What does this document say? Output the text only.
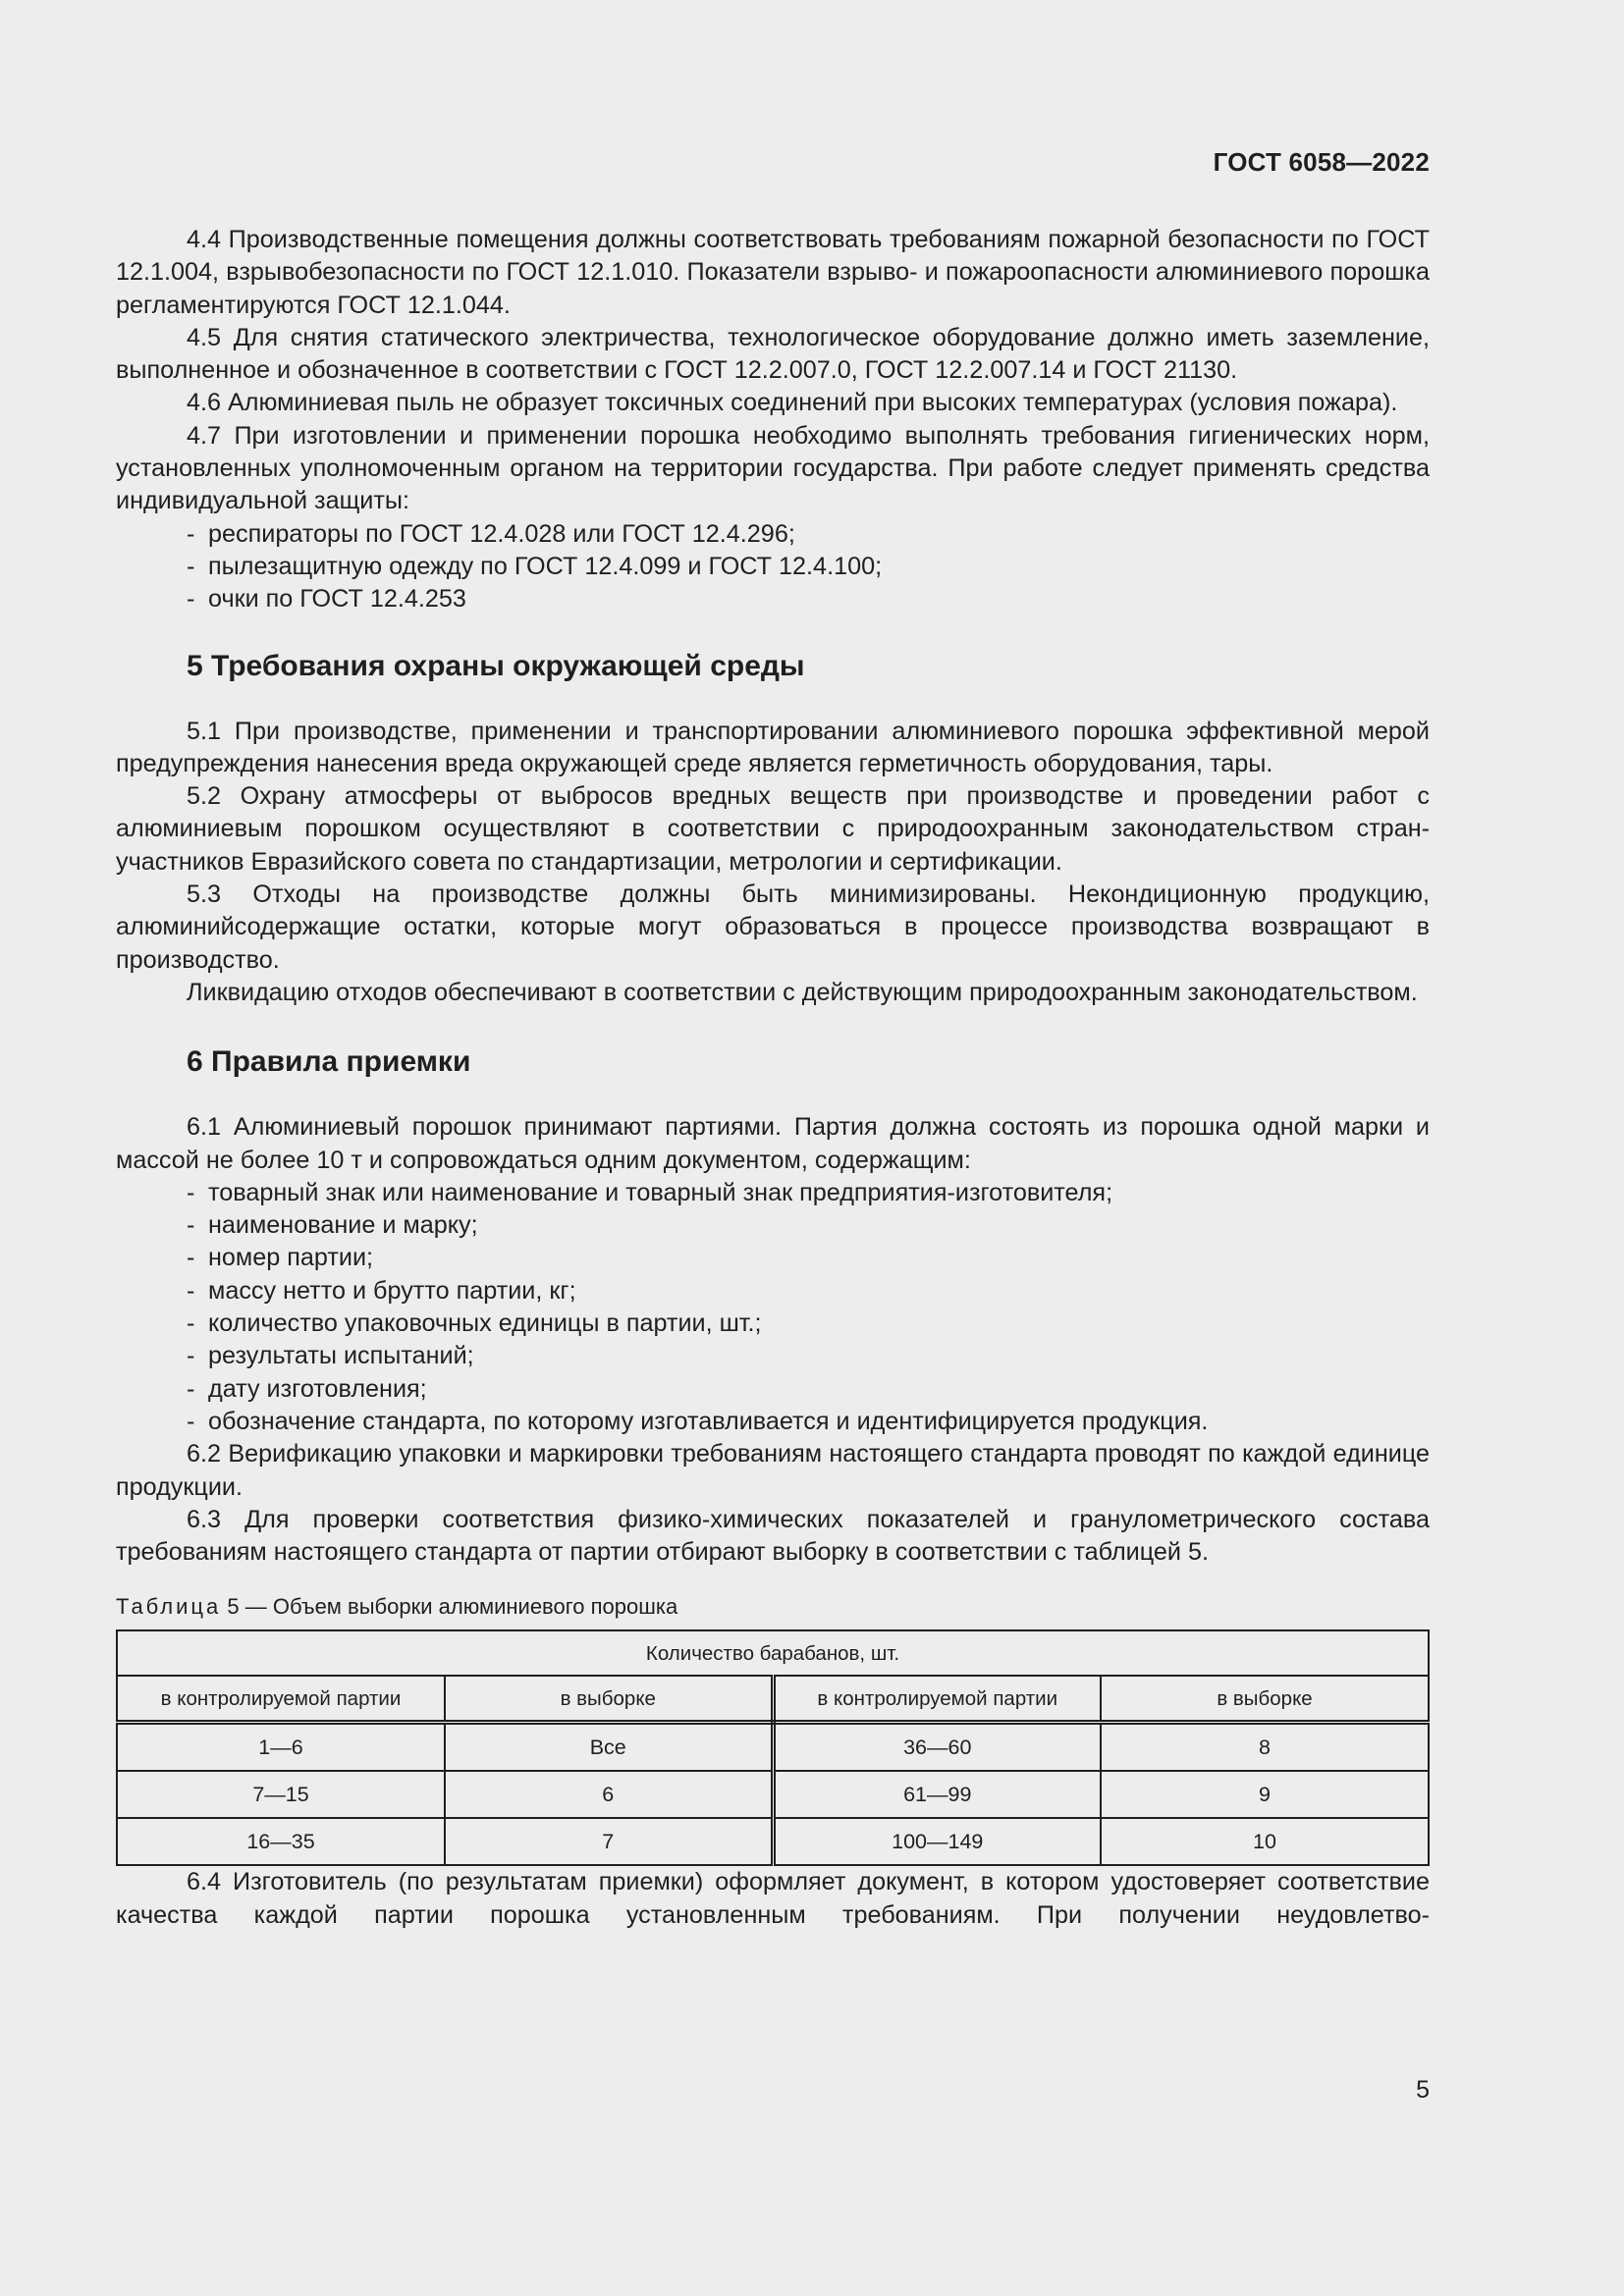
ГОСТ 6058—2022

4.4 Производственные помещения должны соответствовать требованиям пожарной безопасности по ГОСТ 12.1.004, взрывобезопасности по ГОСТ 12.1.010. Показатели взрыво- и пожароопасности алюминиевого порошка регламентируются ГОСТ 12.1.044.

4.5 Для снятия статического электричества, технологическое оборудование должно иметь заземление, выполненное и обозначенное в соответствии с ГОСТ 12.2.007.0, ГОСТ 12.2.007.14 и ГОСТ 21130.

4.6 Алюминиевая пыль не образует токсичных соединений при высоких температурах (условия пожара).

4.7 При изготовлении и применении порошка необходимо выполнять требования гигиенических норм, установленных уполномоченным органом на территории государства. При работе следует применять средства индивидуальной защиты:

- респираторы по ГОСТ 12.4.028 или ГОСТ 12.4.296;
- пылезащитную одежду по ГОСТ 12.4.099 и ГОСТ 12.4.100;
- очки по ГОСТ 12.4.253
5 Требования охраны окружающей среды

5.1 При производстве, применении и транспортировании алюминиевого порошка эффективной мерой предупреждения нанесения вреда окружающей среде является герметичность оборудования, тары.

5.2 Охрану атмосферы от выбросов вредных веществ при производстве и проведении работ с алюминиевым порошком осуществляют в соответствии с природоохранным законодательством стран-участников Евразийского совета по стандартизации, метрологии и сертификации.

5.3 Отходы на производстве должны быть минимизированы. Некондиционную продукцию, алюминийсодержащие остатки, которые могут образоваться в процессе производства возвращают в производство.

Ликвидацию отходов обеспечивают в соответствии с действующим природоохранным законодательством.

6 Правила приемки

6.1 Алюминиевый порошок принимают партиями. Партия должна состоять из порошка одной марки и массой не более 10 т и сопровождаться одним документом, содержащим:

- товарный знак или наименование и товарный знак предприятия-изготовителя;
- наименование и марку;
- номер партии;
- массу нетто и брутто партии, кг;
- количество упаковочных единицы в партии, шт.;
- результаты испытаний;
- дату изготовления;
- обозначение стандарта, по которому изготавливается и идентифицируется продукция.

6.2 Верификацию упаковки и маркировки требованиям настоящего стандарта проводят по каждой единице продукции.

6.3 Для проверки соответствия физико-химических показателей и гранулометрического состава требованиям настоящего стандарта от партии отбирают выборку в соответствии с таблицей 5.

Таблица 5 — Объем выборки алюминиевого порошка
Количество барабанов, шт.			
в контролируемой партии	в выборке	в контролируемой партии	в выборке
1—6	Все	36—60	8
7—15	6	61—99	9
16—35	7	100—149	10

6.4 Изготовитель (по результатам приемки) оформляет документ, в котором удостоверяет соответствие качества каждой партии порошка установленным требованиям. При получении неудовлетво-

5
